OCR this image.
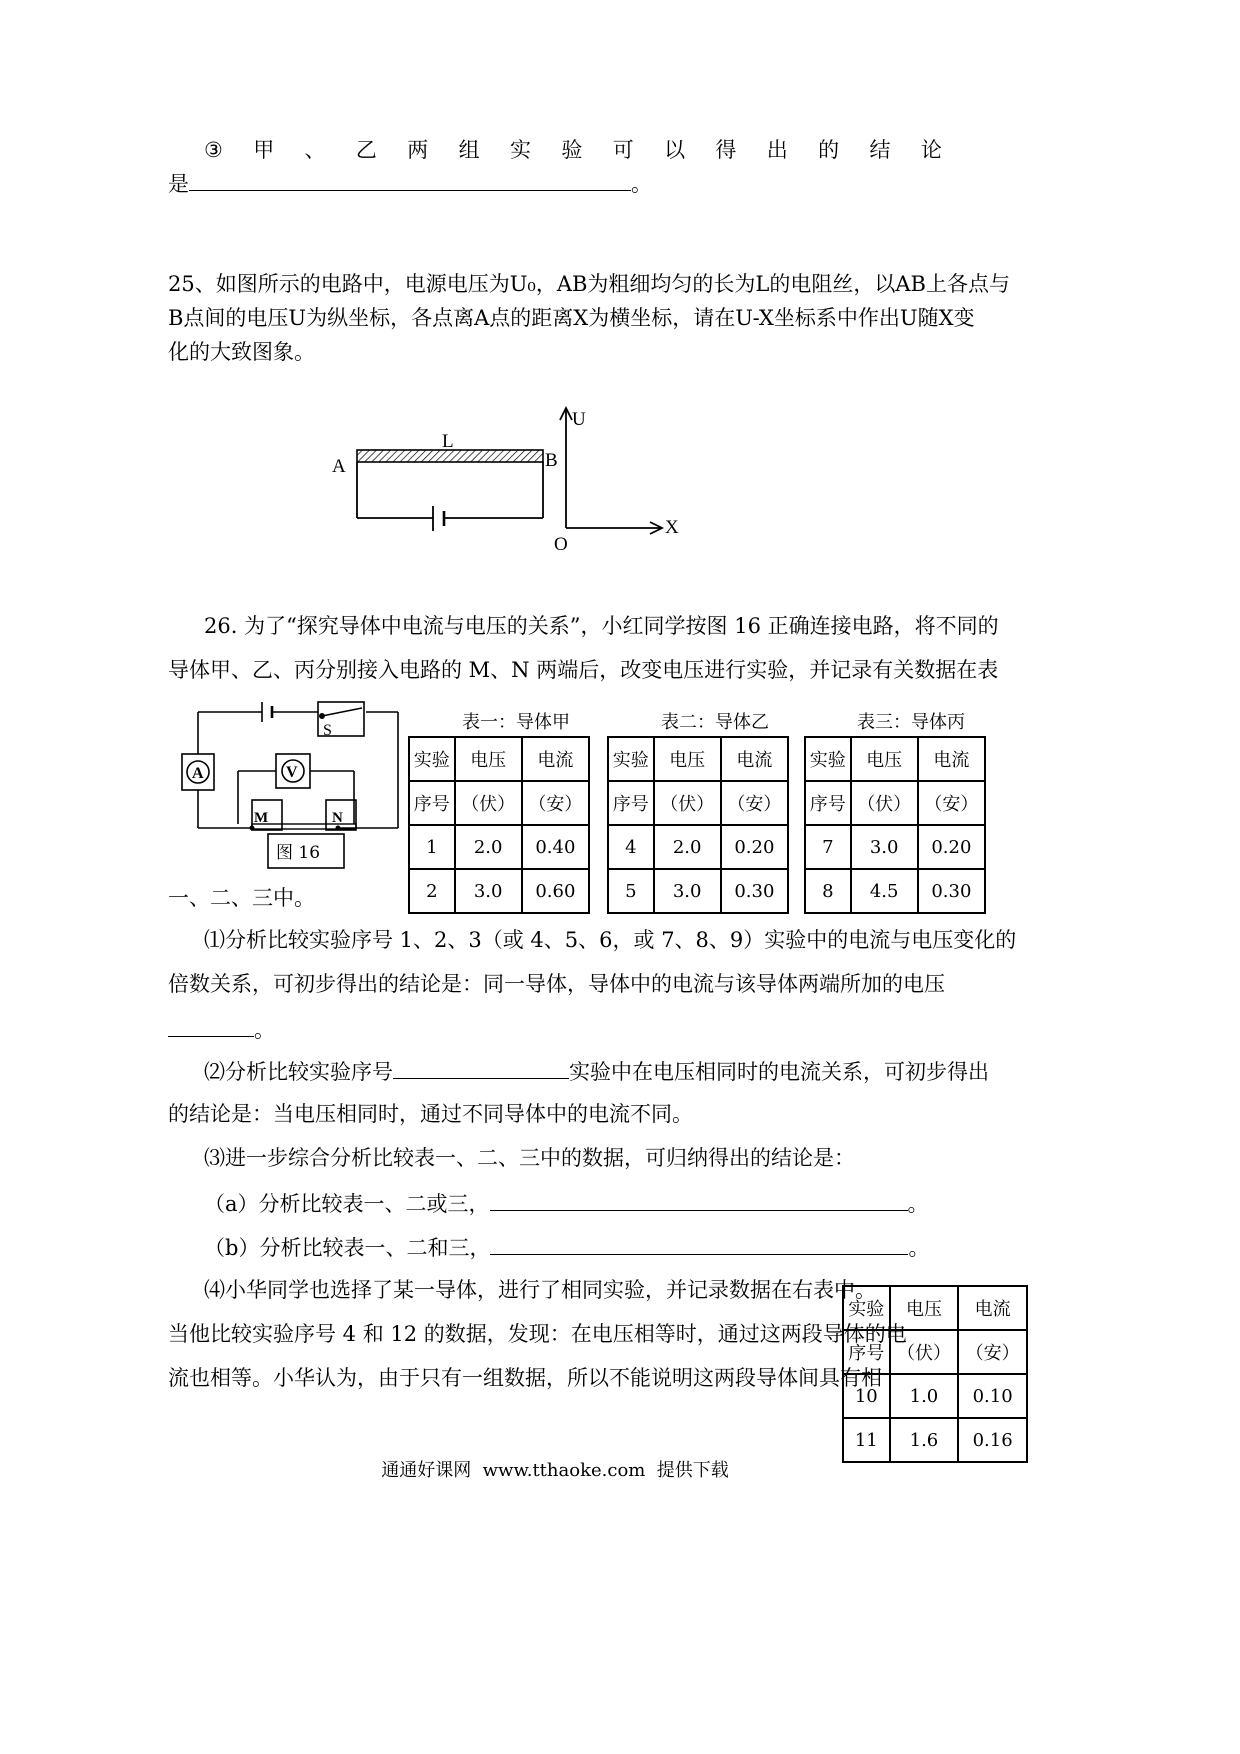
③ 甲 、 乙 两 组 实 验 可 以 得 出 的 结 论
是	。
25、如图所示的电路中，电源电压为U₀，AB为粗细均匀的长为L的电阻丝，以AB上各点与
B点间的电压U为纵坐标，各点离A点的距离X为横坐标，请在U-X坐标系中作出U随X变
化的大致图象。
A	B
L
U
X
O
26. 为了“探究导体中电流与电压的关系”，小红同学按图 16 正确连接电路，将不同的
导体甲、乙、丙分别接入电路的 M、N 两端后，改变电压进行实验，并记录有关数据在表
S
A	V
M	N
图 16
表一：导体甲	表二：导体乙	表三：导体丙
实验	电压	电流
序号	（伏）	（安）
1	2.0	0.40
2	3.0	0.60
实验	电压	电流
序号	（伏）	（安）
4	2.0	0.20
5	3.0	0.30
实验	电压	电流
序号	（伏）	（安）
7	3.0	0.20
8	4.5	0.30
一、二、三中。
⑴分析比较实验序号 1、2、3（或 4、5、6，或 7、8、9）实验中的电流与电压变化的
倍数关系，可初步得出的结论是：同一导体，导体中的电流与该导体两端所加的电压
。
⑵分析比较实验序号	实验中在电压相同时的电流关系，可初步得出
的结论是：当电压相同时，通过不同导体中的电流不同。
⑶进一步综合分析比较表一、二、三中的数据，可归纳得出的结论是：
（a）分析比较表一、二或三，	。
（b）分析比较表一、二和三，	。
⑷小华同学也选择了某一导体，进行了相同实验，并记录数据在右表中。
当他比较实验序号 4 和 12 的数据，发现：在电压相等时，通过这两段导体的电
流也相等。小华认为，由于只有一组数据，所以不能说明这两段导体间具有相
实验	电压	电流
序号	（伏）	（安）
10	1.0	0.10
11	1.6	0.16
通通好课网  www.tthaoke.com  提供下载
